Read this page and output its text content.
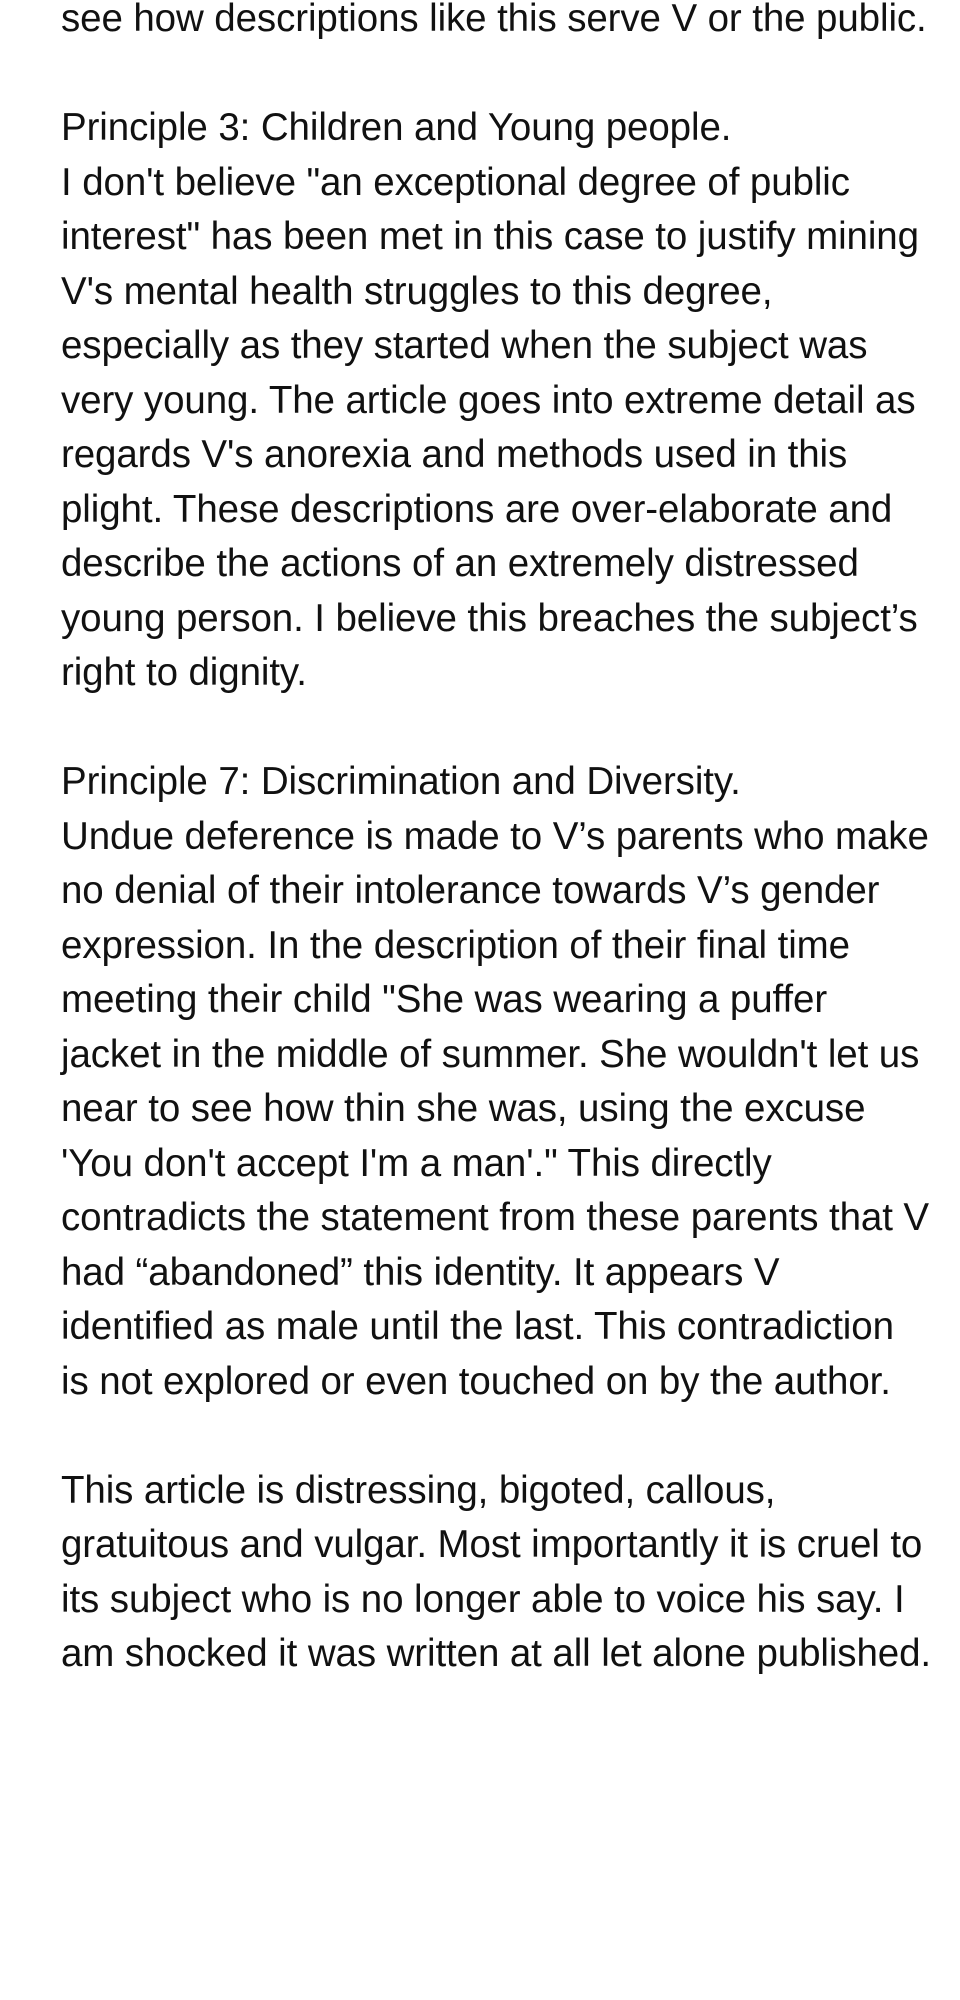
see how descriptions like this serve V or the public.

Principle 3: Children and Young people.

I don't believe "an exceptional degree of public interest" has been met in this case to justify mining V's mental health struggles to this degree, especially as they started when the subject was very young. The article goes into extreme detail as regards V's anorexia and methods used in this plight. These descriptions are over-elaborate and describe the actions of an extremely distressed young person. I believe this breaches the subject’s right to dignity.

Principle 7: Discrimination and Diversity.

Undue deference is made to V’s parents who make no denial of their intolerance towards V’s gender expression. In the description of their final time meeting their child "She was wearing a puffer jacket in the middle of summer. She wouldn't let us near to see how thin she was, using the excuse 'You don't accept I'm a man'." This directly contradicts the statement from these parents that V had “abandoned” this identity. It appears V identified as male until the last. This contradiction is not explored or even touched on by the author.

This article is distressing, bigoted, callous, gratuitous and vulgar. Most importantly it is cruel to its subject who is no longer able to voice his say. I am shocked it was written at all let alone published.
